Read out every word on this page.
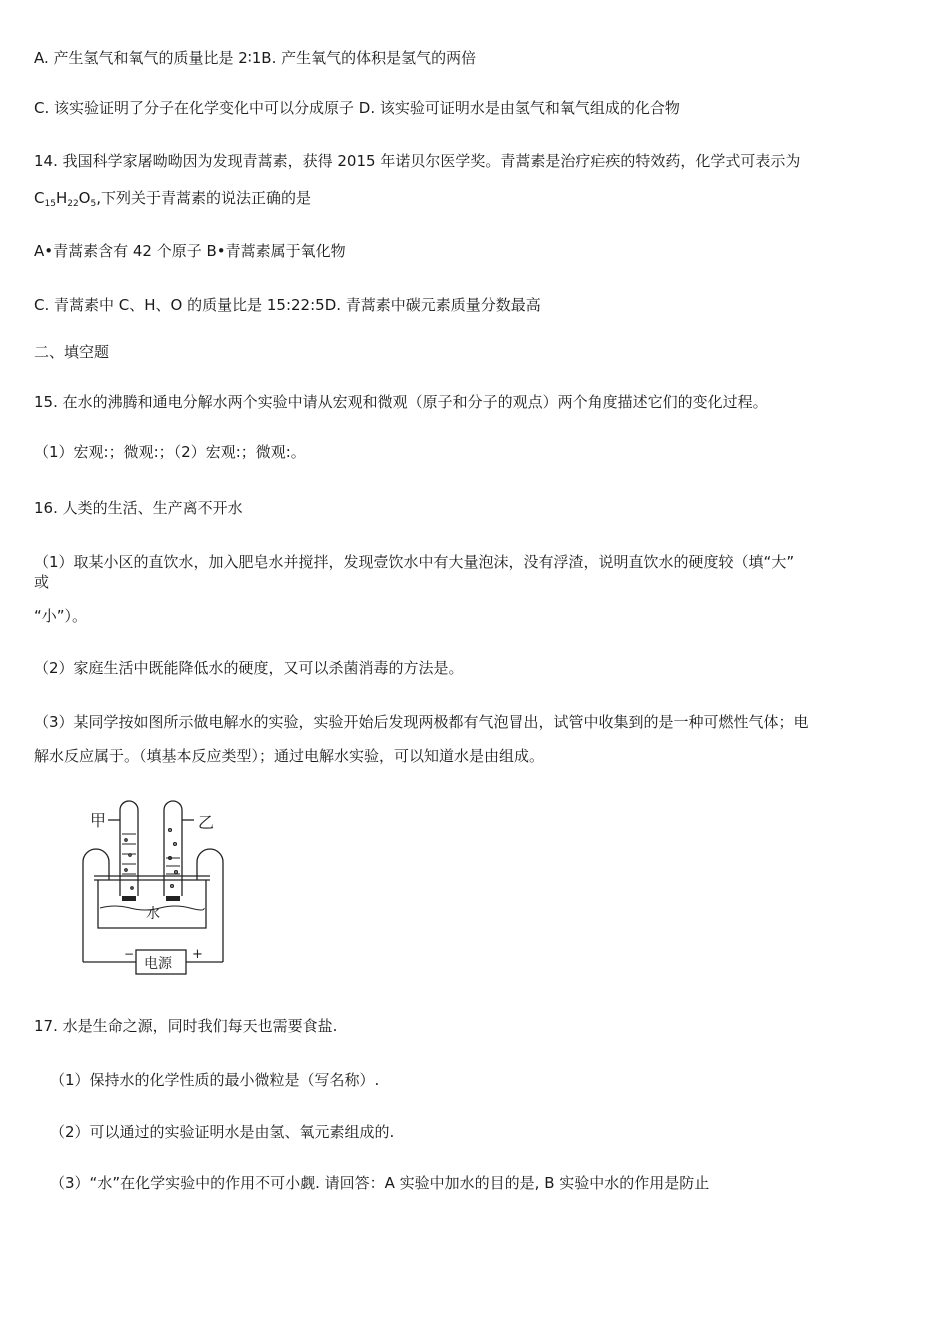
A. 产生氢气和氧气的质量比是 2∶1B. 产生氧气的体积是氢气的两倍
C. 该实验证明了分子在化学变化中可以分成原子 D. 该实验可证明水是由氢气和氧气组成的化合物
14. 我国科学家屠呦呦因为发现青蒿素，获得 2015 年诺贝尔医学奖。青蒿素是治疗疟疾的特效药，化学式可表示为
$C_{15}H_{22}O_5$,下列关于青蒿素的说法正确的是
A•青蒿素含有 42 个原子 B•青蒿素属于氧化物
C. 青蒿素中 C、H、O 的质量比是 15:22:5D. 青蒿素中碳元素质量分数最高
二、填空题
15. 在水的沸腾和通电分解水两个实验中请从宏观和微观（原子和分子的观点）两个角度描述它们的变化过程。
（1）宏观:；微观:；（2）宏观:；微观:。
16. 人类的生活、生产离不开水
（1）取某小区的直饮水，加入肥皂水并搅拌，发现壹饮水中有大量泡沫，没有浮渣，说明直饮水的硬度较（填“大”
或
“小”）。
（2）家庭生活中既能降低水的硬度，又可以杀菌消毒的方法是。
（3）某同学按如图所示做电解水的实验，实验开始后发现两极都有气泡冒出，试管中收集到的是一种可燃性气体；电
解水反应属于。（填基本反应类型）；通过电解水实验，可以知道水是由组成。
甲	乙
水
电源
−	+
17. 水是生命之源，同时我们每天也需要食盐.
（1）保持水的化学性质的最小微粒是（写名称）.
（2）可以通过的实验证明水是由氢、氧元素组成的.
（3）“水”在化学实验中的作用不可小觑. 请回答：A 实验中加水的目的是, B 实验中水的作用是防止
